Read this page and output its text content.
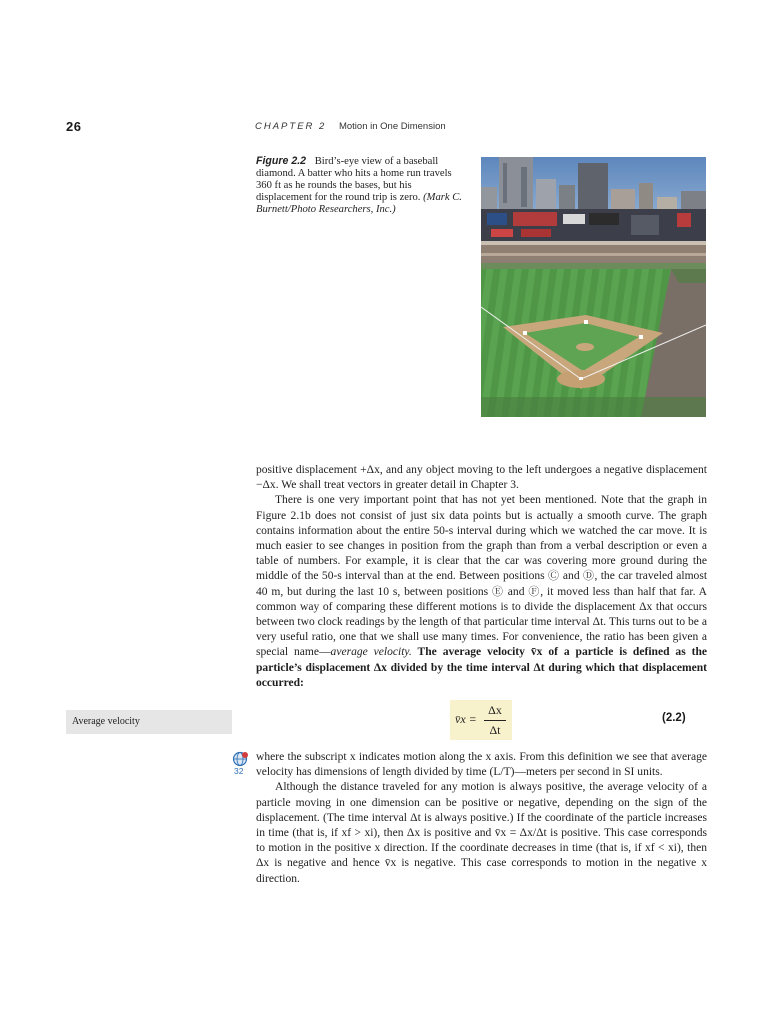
26	CHAPTER 2 Motion in One Dimension
Figure 2.2 Bird’s-eye view of a baseball diamond. A batter who hits a home run travels 360 ft as he rounds the bases, but his displacement for the round trip is zero. (Mark C. Burnett/Photo Researchers, Inc.)

positive displacement +Δx, and any object moving to the left undergoes a negative displacement −Δx. We shall treat vectors in greater detail in Chapter 3.

There is one very important point that has not yet been mentioned. Note that the graph in Figure 2.1b does not consist of just six data points but is actually a smooth curve. The graph contains information about the entire 50-s interval during which we watched the car move. It is much easier to see changes in position from the graph than from a verbal description or even a table of numbers. For example, it is clear that the car was covering more ground during the middle of the 50-s interval than at the end. Between positions Ⓒ and Ⓓ, the car traveled almost 40 m, but during the last 10 s, between positions Ⓔ and Ⓕ, it moved less than half that far. A common way of comparing these different motions is to divide the displacement Δx that occurs between two clock readings by the length of that particular time interval Δt. This turns out to be a very useful ratio, one that we shall use many times. For convenience, the ratio has been given a special name—average velocity. The average velocity v̄x of a particle is defined as the particle’s displacement Δx divided by the time interval Δt during which that displacement occurred:

Average velocity	v̄x =
Δx
Δt
(2.2)
32

where the subscript x indicates motion along the x axis. From this definition we see that average velocity has dimensions of length divided by time (L/T)—meters per second in SI units.

Although the distance traveled for any motion is always positive, the average velocity of a particle moving in one dimension can be positive or negative, depending on the sign of the displacement. (The time interval Δt is always positive.) If the coordinate of the particle increases in time (that is, if xf > xi), then Δx is positive and v̄x = Δx/Δt is positive. This case corresponds to motion in the positive x direction. If the coordinate decreases in time (that is, if xf < xi), then Δx is negative and hence v̄x is negative. This case corresponds to motion in the negative x direction.
